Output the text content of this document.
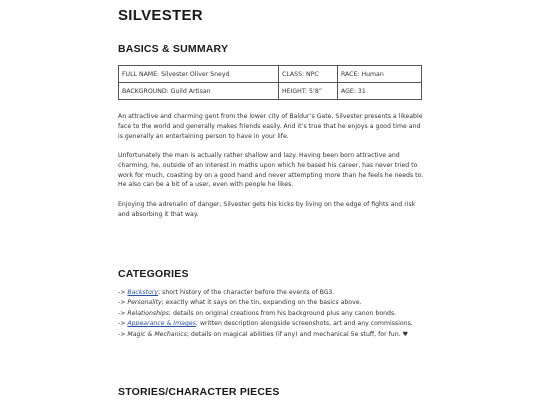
SILVESTER
BASICS & SUMMARY
FULL NAME: Silvester Oliver Sneyd	CLASS: NPC	RACE: Human
BACKGROUND: Guild Artisan	HEIGHT: 5’8”	AGE: 31

An attractive and charming gent from the lower city of Baldur’s Gate, Silvester presents a likeable face to the world and generally makes friends easily. And it’s true that he enjoys a good time and is generally an entertaining person to have in your life.

Unfortunately the man is actually rather shallow and lazy. Having been born attractive and charming, he, outside of an interest in maths upon which he based his career, has never tried to work for much, coasting by on a good hand and never attempting more than he feels he needs to. He also can be a bit of a user, even with people he likes.

Enjoying the adrenalin of danger, Silvester gets his kicks by living on the edge of fights and risk and absorbing it that way.

CATEGORIES
-> Backstory; short history of the character before the events of BG3.
-> Personality; exactly what it says on the tin, expanding on the basics above.
-> Relationships; details on original creations from his background plus any canon bonds.
-> Appearance & Images; written description alongside screenshots, art and any commissions.
-> Magic & Mechanics; details on magical abilities (if any) and mechanical 5e stuff, for fun. ♥
STORIES/CHARACTER PIECES
